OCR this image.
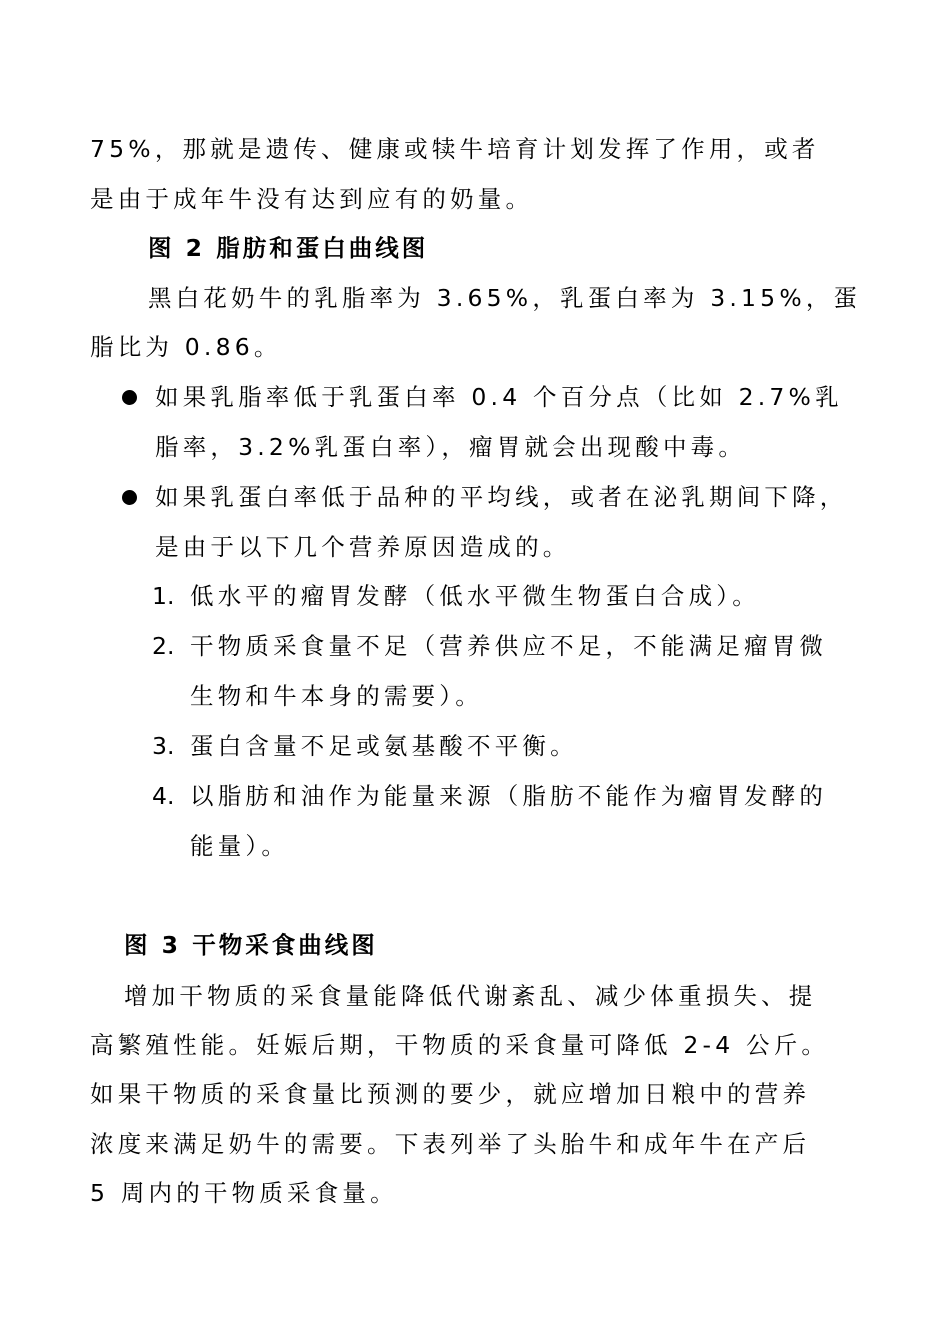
75%，那就是遗传、健康或犊牛培育计划发挥了作用，或者
是由于成年牛没有达到应有的奶量。
图 2 脂肪和蛋白曲线图
黑白花奶牛的乳脂率为 3.65%，乳蛋白率为 3.15%，蛋
脂比为 0.86。
如果乳脂率低于乳蛋白率 0.4 个百分点（比如 2.7%乳
脂率，3.2%乳蛋白率），瘤胃就会出现酸中毒。
如果乳蛋白率低于品种的平均线，或者在泌乳期间下降，
是由于以下几个营养原因造成的。
1. 低水平的瘤胃发酵（低水平微生物蛋白合成）。
2. 干物质采食量不足（营养供应不足，不能满足瘤胃微
生物和牛本身的需要）。
3. 蛋白含量不足或氨基酸不平衡。
4. 以脂肪和油作为能量来源（脂肪不能作为瘤胃发酵的
能量）。
图 3 干物采食曲线图
增加干物质的采食量能降低代谢紊乱、减少体重损失、提
高繁殖性能。妊娠后期，干物质的采食量可降低 2-4 公斤。
如果干物质的采食量比预测的要少，就应增加日粮中的营养
浓度来满足奶牛的需要。下表列举了头胎牛和成年牛在产后
5 周内的干物质采食量。
